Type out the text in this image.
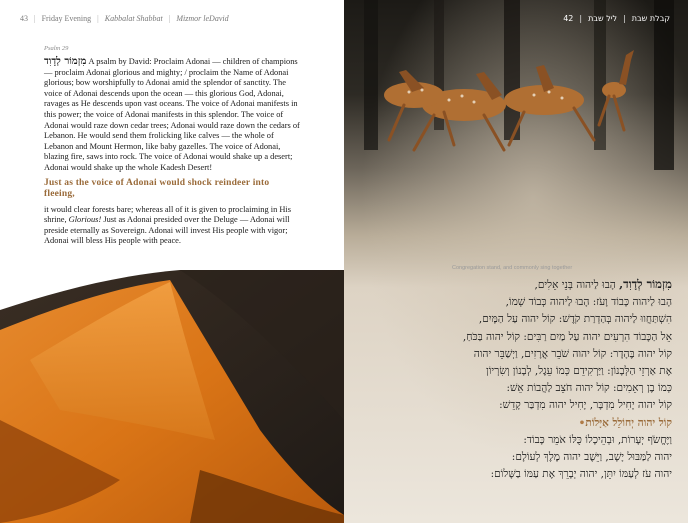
43 | Friday Evening | Kabbalat Shabbat | Mizmor leDavid
Psalm 29

מִזְמוֹר לְדָוִד A psalm by David: Proclaim Adonai — children of champions — proclaim Adonai glorious and mighty; / proclaim the Name of Adonai glorious; bow worshipfully to Adonai amid the splendor of sanctity. The voice of Adonai descends upon the ocean — this glorious God, Adonai, ravages as He descends upon vast oceans. The voice of Adonai manifests in this power; the voice of Adonai manifests in this splendor. The voice of Adonai would raze down cedar trees; Adonai would raze down the cedars of Lebanon. He would send them frolicking like calves — the whole of Lebanon and Mount Hermon, like baby gazelles. The voice of Adonai, blazing fire, saws into rock. The voice of Adonai would shake up a desert; Adonai would shake up the whole Kadesh Desert!

Just as the voice of Adonai would shock reindeer into fleeing,

it would clear forests bare; whereas all of it is given to proclaiming in His shrine, Glorious! Just as Adonai presided over the Deluge — Adonai will preside eternally as Sovereign. Adonai will invest His people with vigor; Adonai will bless His people with peace.

קבלת שבת|ליל שבת|42
Congregation stand, and commonly sing together

מִזְמוֹר לְדָוִד, הָבוּ לַיהוה בְּנֵי אֵלִים,

הָבוּ לַיהוה כָּבוֹד וָעֹז: הָבוּ לַיהוה כְּבוֹד שְׁמוֹ,

הִשְׁתַּחֲווּ לַיהוה בְּהַדְרַת קֹדֶשׁ: קוֹל יהוה עַל הַמָּיִם,

אֵל הַכָּבוֹד הִרְעִים יהוה עַל מַיִם רַבִּים: קוֹל יהוה בַּכֹּחַ,

קוֹל יהוה בֶּהָדָר: קוֹל יהוה שֹׁבֵר אֲרָזִים, וַיְשַׁבֵּר יהוה

אֶת אַרְזֵי הַלְּבָנוֹן: וַיַּרְקִידֵם כְּמוֹ עֵגֶל, לְבָנוֹן וְשִׂרְיוֹן

כְּמוֹ בֶן רְאֵמִים: קוֹל יהוה חֹצֵב לַהֲבוֹת אֵשׁ:

קוֹל יהוה יָחִיל מִדְבָּר, יָחִיל יהוה מִדְבַּר קָדֵשׁ:

קוֹל יהוה יְחוֹלֵל אַיָּלוֹת•

וַיֶּחֱשֹׂף יְעָרוֹת, וּבְהֵיכָלוֹ כֻּלּוֹ אֹמֵר כָּבוֹד:

יהוה לַמַּבּוּל יָשָׁב, וַיֵּשֶׁב יהוה מֶלֶךְ לְעוֹלָם:

יהוה עֹז לְעַמּוֹ יִתֵּן, יהוה יְבָרֵךְ אֶת עַמּוֹ בַשָּׁלוֹם:
